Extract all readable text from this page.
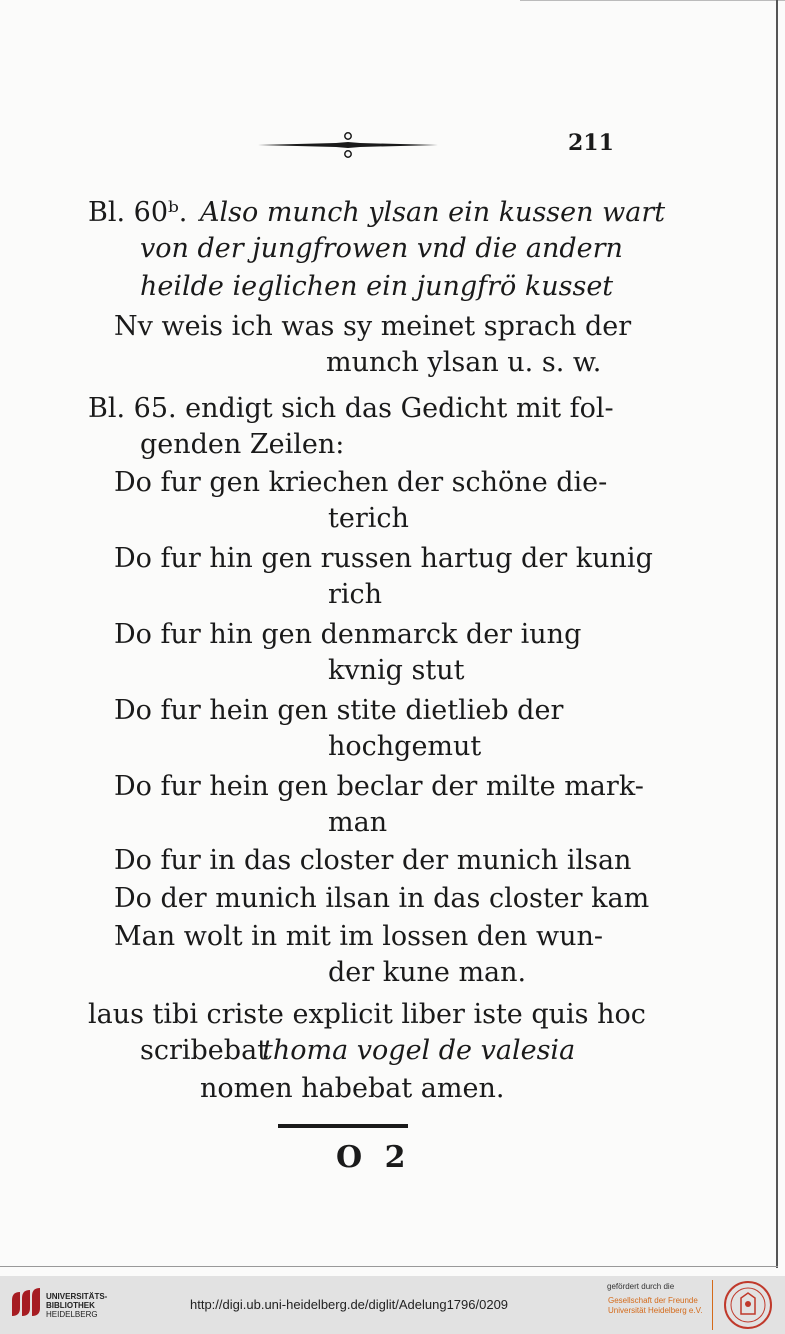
211
Bl. 60ᵇ. Also munch ylsan ein kussen wart
von der jungfrowen vnd die andern
heilde ieglichen ein jungfrö kusset
Nv weis ich was sy meinet sprach der
munch ylsan u. s. w.
Bl. 65. endigt sich das Gedicht mit fol-
genden Zeilen:
Do fur gen kriechen der schöne die-
terich
Do fur hin gen russen hartug der kunig
rich
Do fur hin gen denmarck der iung
kvnig stut
Do fur hein gen stite dietlieb der
hochgemut
Do fur hein gen beclar der milte mark-
man
Do fur in das closter der munich ilsan
Do der munich ilsan in das closter kam
Man wolt in mit im lossen den wun-
der kune man.
laus tibi criste explicit liber iste quis hoc
scribebat
thoma vogel de valesia
nomen habebat amen.
O 2
UNIVERSITÄTS-
BIBLIOTHEK
HEIDELBERG
http://digi.ub.uni-heidelberg.de/diglit/Adelung1796/0209
gefördert durch die
Gesellschaft der Freunde
Universität Heidelberg e.V.
